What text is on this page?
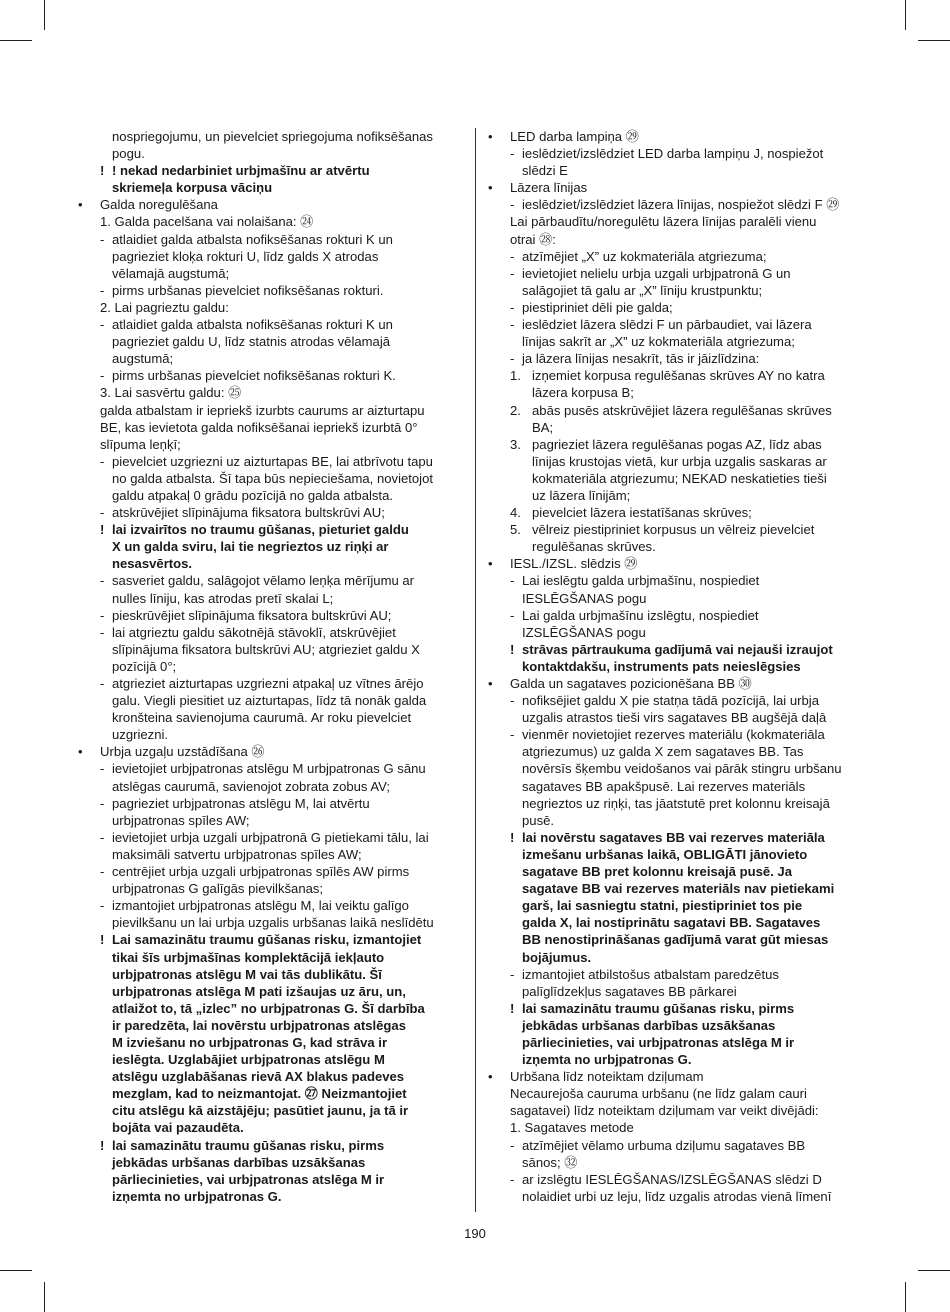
nospriegojumu, un pievelciet spriegojuma nofiksēšanas
pogu.
! ! nekad nedarbiniet urbjmašīnu ar atvērtu
skriemeļa korpusa vāciņu
• Galda noregulēšana
1. Galda pacelšana vai nolaišana: ㉔
- atlaidiet galda atbalsta nofiksēšanas rokturi K un
pagrieziet kloķa rokturi U, līdz galds X atrodas
vēlamajā augstumā;
- pirms urbšanas pievelciet nofiksēšanas rokturi.
2. Lai pagrieztu galdu:
- atlaidiet galda atbalsta nofiksēšanas rokturi K un
pagrieziet galdu U, līdz statnis atrodas vēlamajā
augstumā;
- pirms urbšanas pievelciet nofiksēšanas rokturi K.
3. Lai sasvērtu galdu: ㉕
galda atbalstam ir iepriekš izurbts caurums ar aizturtapu
BE, kas ievietota galda nofiksēšanai iepriekš izurbtā 0°
slīpuma leņķī;
- pievelciet uzgriezni uz aizturtapas BE, lai atbrīvotu tapu
no galda atbalsta. Šī tapa būs nepieciešama, novietojot
galdu atpakaļ 0 grādu pozīcijā no galda atbalsta.
- atskrūvējiet slīpinājuma fiksatora bultskrūvi AU;
! lai izvairītos no traumu gūšanas, pieturiet galdu
X un galda sviru, lai tie negrieztos uz riņķi ar
nesasvērtos.
- sasveriet galdu, salāgojot vēlamo leņķa mērījumu ar
nulles līniju, kas atrodas pretī skalai L;
- pieskrūvējiet slīpinājuma fiksatora bultskrūvi AU;
- lai atgrieztu galdu sākotnējā stāvoklī, atskrūvējiet
slīpinājuma fiksatora bultskrūvi AU; atgrieziet galdu X
pozīcijā 0°;
- atgrieziet aizturtapas uzgriezni atpakaļ uz vītnes ārējo
galu. Viegli piesitiet uz aizturtapas, līdz tā nonāk galda
kronšteina savienojuma caurumā. Ar roku pievelciet
uzgriezni.
• Urbja uzgaļu uzstādīšana ㉖
- ievietojiet urbjpatronas atslēgu M urbjpatronas G sānu
atslēgas caurumā, savienojot zobrata zobus AV;
- pagrieziet urbjpatronas atslēgu M, lai atvērtu
urbjpatronas spīles AW;
- ievietojiet urbja uzgali urbjpatronā G pietiekami tālu, lai
maksimāli satvertu urbjpatronas spīles AW;
- centrējiet urbja uzgali urbjpatronas spīlēs AW pirms
urbjpatronas G galīgās pievilkšanas;
- izmantojiet urbjpatronas atslēgu M, lai veiktu galīgo
pievilkšanu un lai urbja uzgalis urbšanas laikā neslīdētu
! Lai samazinātu traumu gūšanas risku, izmantojiet
tikai šīs urbjmašīnas komplektācijā iekļauto
urbjpatronas atslēgu M vai tās dublikātu. Šī
urbjpatronas atslēga M pati izšaujas uz āru, un,
atlaižot to, tā „izlec” no urbjpatronas G. Šī darbība
ir paredzēta, lai novērstu urbjpatronas atslēgas
M izviešanu no urbjpatronas G, kad strāva ir
ieslēgta. Uzglabājiet urbjpatronas atslēgu M
atslēgu uzglabāšanas rievā AX blakus padeves
mezglam, kad to neizmantojat. ㉗ Neizmantojiet
citu atslēgu kā aizstājēju; pasūtiet jaunu, ja tā ir
bojāta vai pazaudēta.
! lai samazinātu traumu gūšanas risku, pirms
jebkādas urbšanas darbības uzsākšanas
pārliecinieties, vai urbjpatronas atslēga M ir
izņemta no urbjpatronas G.
• LED darba lampiņa ㉙
- ieslēdziet/izslēdziet LED darba lampiņu J, nospiežot
slēdzi E
• Lāzera līnijas
- ieslēdziet/izslēdziet lāzera līnijas, nospiežot slēdzi F ㉙
Lai pārbaudītu/noregulētu lāzera līnijas paralēli vienu
otrai ㉘:
- atzīmējiet „X” uz kokmateriāla atgriezuma;
- ievietojiet nelielu urbja uzgali urbjpatronā G un
salāgojiet tā galu ar „X” līniju krustpunktu;
- piestipriniet dēli pie galda;
- ieslēdziet lāzera slēdzi F un pārbaudiet, vai lāzera
līnijas sakrīt ar „X” uz kokmateriāla atgriezuma;
- ja lāzera līnijas nesakrīt, tās ir jāizlīdzina:
1. izņemiet korpusa regulēšanas skrūves AY no katra
lāzera korpusa B;
2. abās pusēs atskrūvējiet lāzera regulēšanas skrūves
BA;
3. pagrieziet lāzera regulēšanas pogas AZ, līdz abas
līnijas krustojas vietā, kur urbja uzgalis saskaras ar
kokmateriāla atgriezumu; NEKAD neskatieties tieši
uz lāzera līnijām;
4. pievelciet lāzera iestatīšanas skrūves;
5. vēlreiz piestipriniet korpusus un vēlreiz pievelciet
regulēšanas skrūves.
• IESL./IZSL. slēdzis ㉙
- Lai ieslēgtu galda urbjmašīnu, nospiediet
IESLĒGŠANAS pogu
- Lai galda urbjmašīnu izslēgtu, nospiediet
IZSLĒGŠANAS pogu
! strāvas pārtraukuma gadījumā vai nejauši izraujot
kontaktdakšu, instruments pats neieslēgsies
• Galda un sagataves pozicionēšana BB ㉚
- nofiksējiet galdu X pie statņa tādā pozīcijā, lai urbja
uzgalis atrastos tieši virs sagataves BB augšējā daļā
- vienmēr novietojiet rezerves materiālu (kokmateriāla
atgriezumus) uz galda X zem sagataves BB. Tas
novērsīs šķembu veidošanos vai pārāk stingru urbšanu
sagataves BB apakšpusē. Lai rezerves materiāls
negrieztos uz riņķi, tas jāatstutē pret kolonnu kreisajā
pusē.
! lai novērstu sagataves BB vai rezerves materiāla
izmešanu urbšanas laikā, OBLIGĀTI jānovieto
sagatave BB pret kolonnu kreisajā pusē. Ja
sagatave BB vai rezerves materiāls nav pietiekami
garš, lai sasniegtu statni, piestipriniet tos pie
galda X, lai nostiprinātu sagatavi BB. Sagataves
BB nenostiprināšanas gadījumā varat gūt miesas
bojājumus.
- izmantojiet atbilstošus atbalstam paredzētus
palīglīdzekļus sagataves BB pārkarei
! lai samazinātu traumu gūšanas risku, pirms
jebkādas urbšanas darbības uzsākšanas
pārliecinieties, vai urbjpatronas atslēga M ir
izņemta no urbjpatronas G.
• Urbšana līdz noteiktam dziļumam
Necaurejoša cauruma urbšanu (ne līdz galam cauri
sagatavei) līdz noteiktam dziļumam var veikt divējādi:
1. Sagataves metode
- atzīmējiet vēlamo urbuma dziļumu sagataves BB
sānos; ㉜
- ar izslēgtu IESLĒGŠANAS/IZSLĒGŠANAS slēdzi D
nolaidiet urbi uz leju, līdz uzgalis atrodas vienā līmenī
190
